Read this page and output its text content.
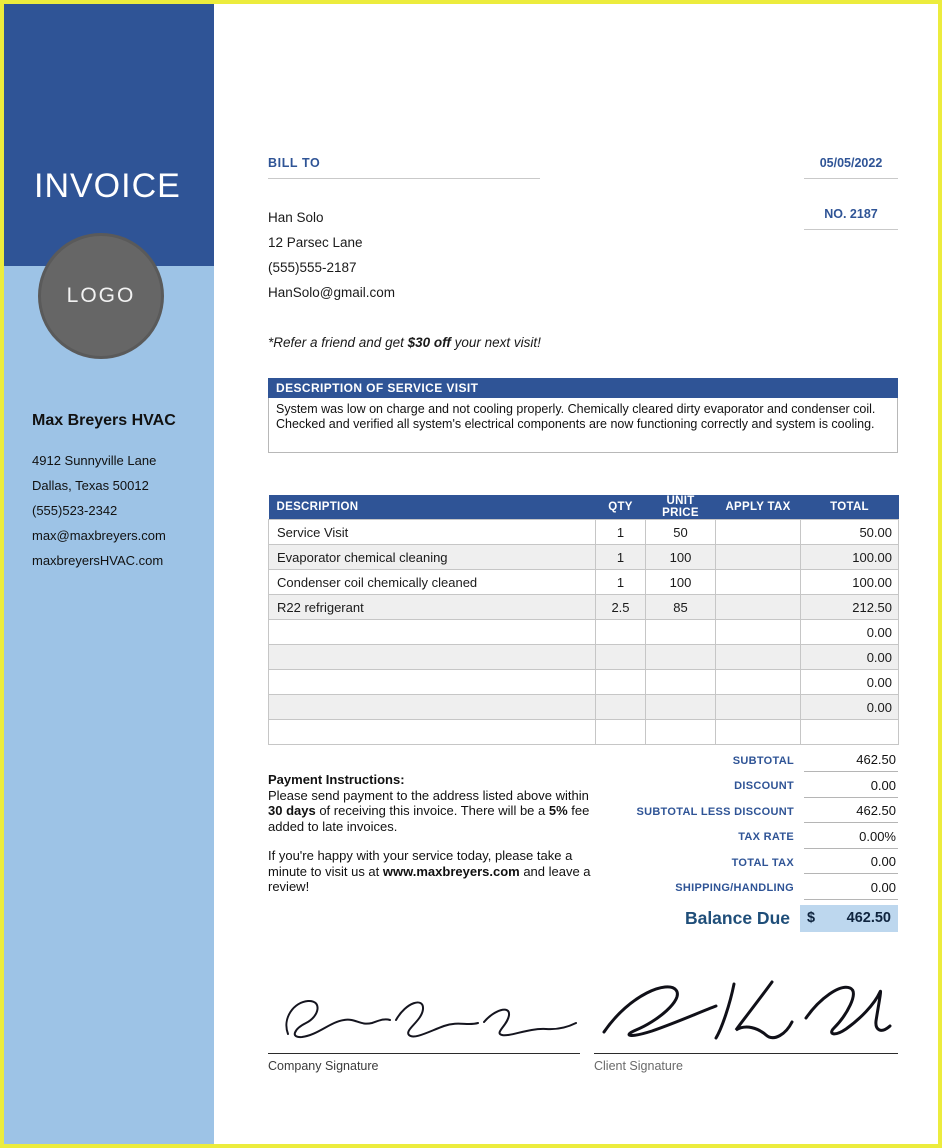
INVOICE
LOGO
Max Breyers HVAC
4912 Sunnyville Lane
Dallas, Texas 50012
(555)523-2342
max@maxbreyers.com
maxbreyersHVAC.com
BILL TO	05/05/2022
NO. 2187
Han Solo
12 Parsec Lane
(555)555-2187
HanSolo@gmail.com
*Refer a friend and get $30 off your next visit!
DESCRIPTION OF SERVICE VISIT
System was low on charge and not cooling properly. Chemically cleared dirty evaporator and condenser coil. Checked and verified all system's electrical components are now functioning correctly and system is cooling.
DESCRIPTION	QTY	UNIT PRICE	APPLY TAX	TOTAL
Service Visit	1	50		50.00
Evaporator chemical cleaning	1	100		100.00
Condenser coil chemically cleaned	1	100		100.00
R22 refrigerant	2.5	85		212.50
				0.00
				0.00
				0.00
				0.00

SUBTOTAL	462.50
DISCOUNT	0.00
SUBTOTAL LESS DISCOUNT	462.50
TAX RATE	0.00%
TOTAL TAX	0.00
SHIPPING/HANDLING	0.00
Balance Due $ 462.50
Payment Instructions:

Please send payment to the address listed above within 30 days of receiving this invoice. There will be a 5% fee added to late invoices.

If you're happy with your service today, please take a minute to visit us at www.maxbreyers.com and leave a review!

Company Signature	Client Signature
